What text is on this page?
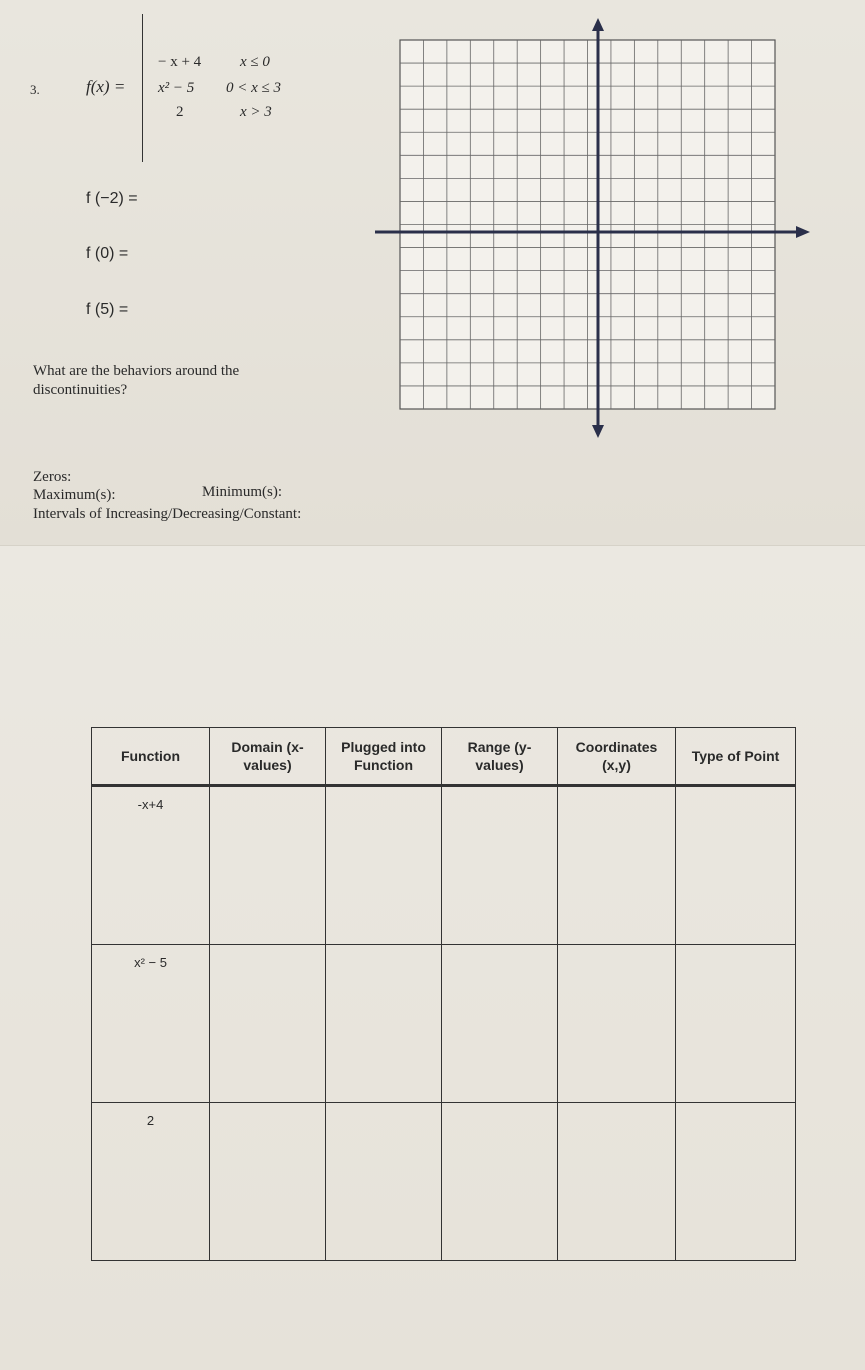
3.	f(x) =
− x + 4	x ≤ 0
x² − 5 0 < x ≤ 3
2	x > 3
f (−2) =
f (0) =
f (5) =
What are the behaviors around the discontinuities?
Zeros:
Maximum(s):	Minimum(s):
Intervals of Increasing/Decreasing/Constant:
Function	Domain (x-values)	Plugged into Function	Range (y-values)	Coordinates (x,y)	Type of Point
-x+4					
x² − 5					
2					
